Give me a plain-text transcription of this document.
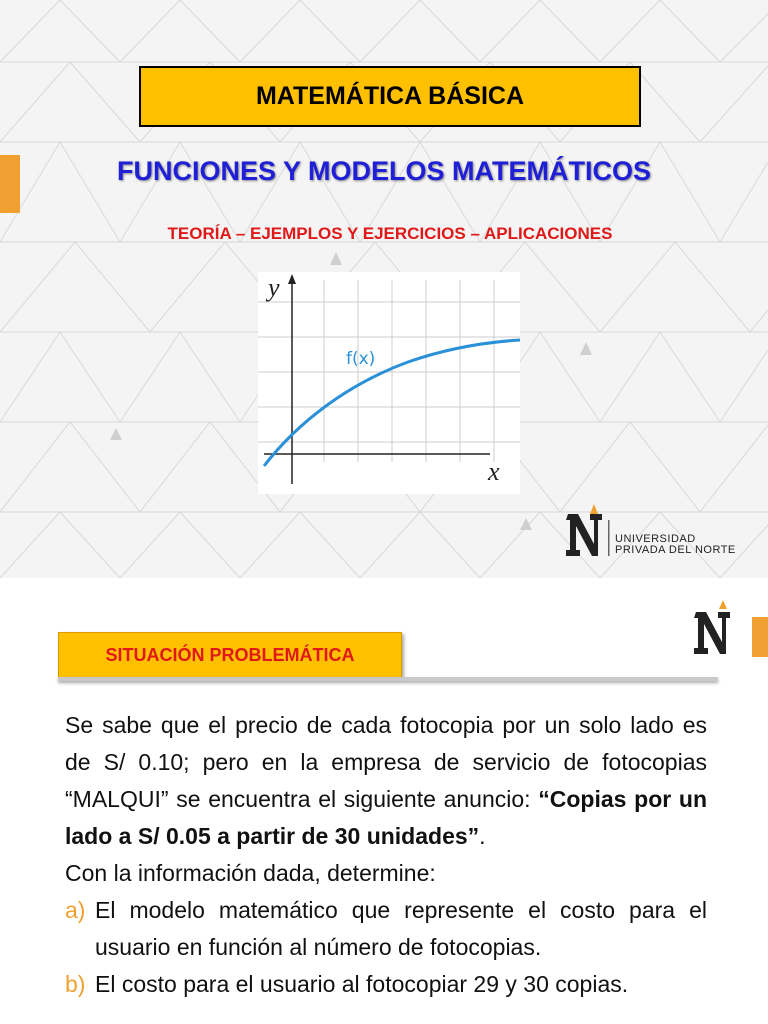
MATEMÁTICA BÁSICA
FUNCIONES Y MODELOS MATEMÁTICOS
TEORÍA – EJEMPLOS Y EJERCICIOS – APLICACIONES
y
x
f(x)
UNIVERSIDAD
PRIVADA DEL NORTE
SITUACIÓN PROBLEMÁTICA

Se sabe que el precio de cada fotocopia por un solo lado es de S/ 0.10; pero en la empresa de servicio de fotocopias “MALQUI” se encuentra el siguiente anuncio: “Copias por un lado a S/ 0.05 a partir de 30 unidades”.

Con la información dada, determine:

a) El modelo matemático que represente el costo para el usuario en función al número de fotocopias.

b) El costo para el usuario al fotocopiar 29 y 30 copias.
